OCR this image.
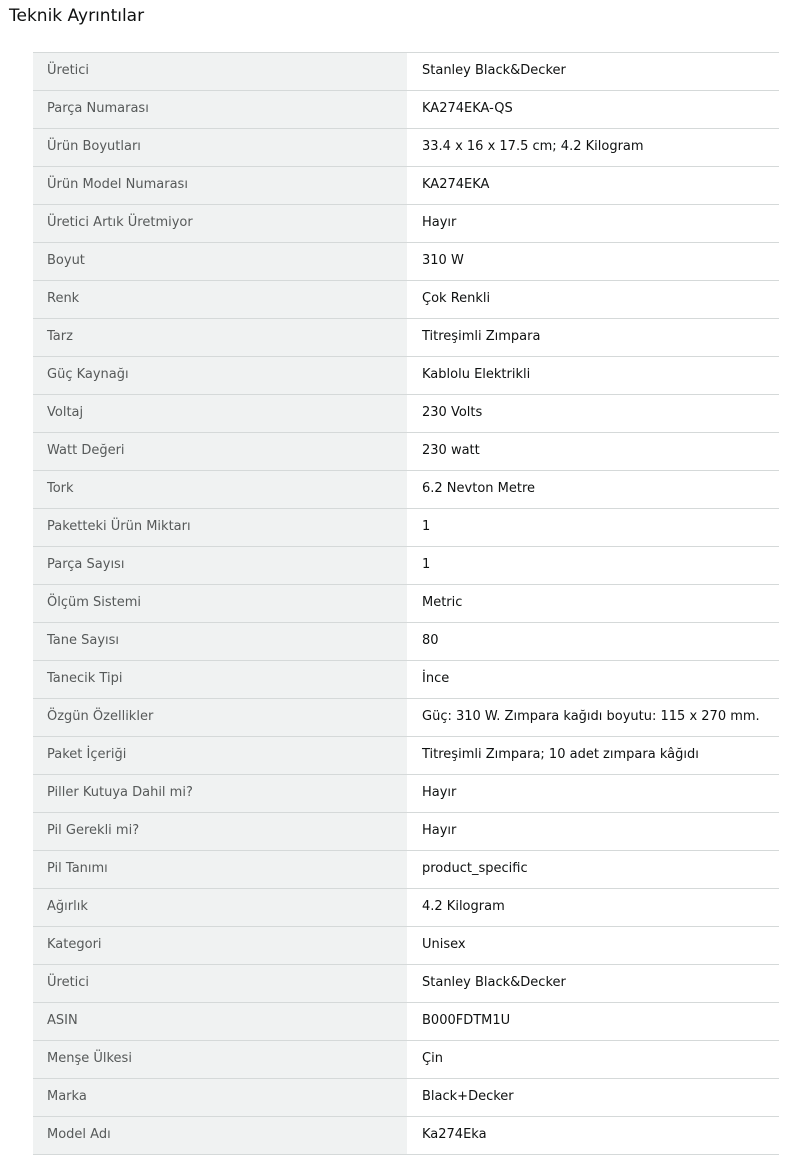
Teknik Ayrıntılar
Üretici	Stanley Black&Decker
Parça Numarası	KA274EKA-QS
Ürün Boyutları	33.4 x 16 x 17.5 cm; 4.2 Kilogram
Ürün Model Numarası	KA274EKA
Üretici Artık Üretmiyor	Hayır
Boyut	310 W
Renk	Çok Renkli
Tarz	Titreşimli Zımpara
Güç Kaynağı	Kablolu Elektrikli
Voltaj	230 Volts
Watt Değeri	230 watt
Tork	6.2 Nevton Metre
Paketteki Ürün Miktarı	1
Parça Sayısı	1
Ölçüm Sistemi	Metric
Tane Sayısı	80
Tanecik Tipi	İnce
Özgün Özellikler	Güç: 310 W. Zımpara kağıdı boyutu: 115 x 270 mm.
Paket İçeriği	Titreşimli Zımpara; 10 adet zımpara kâğıdı
Piller Kutuya Dahil mi?	Hayır
Pil Gerekli mi?	Hayır
Pil Tanımı	product_specific
Ağırlık	4.2 Kilogram
Kategori	Unisex
Üretici	Stanley Black&Decker
ASIN	B000FDTM1U
Menşe Ülkesi	Çin
Marka	Black+Decker
Model Adı	Ka274Eka
